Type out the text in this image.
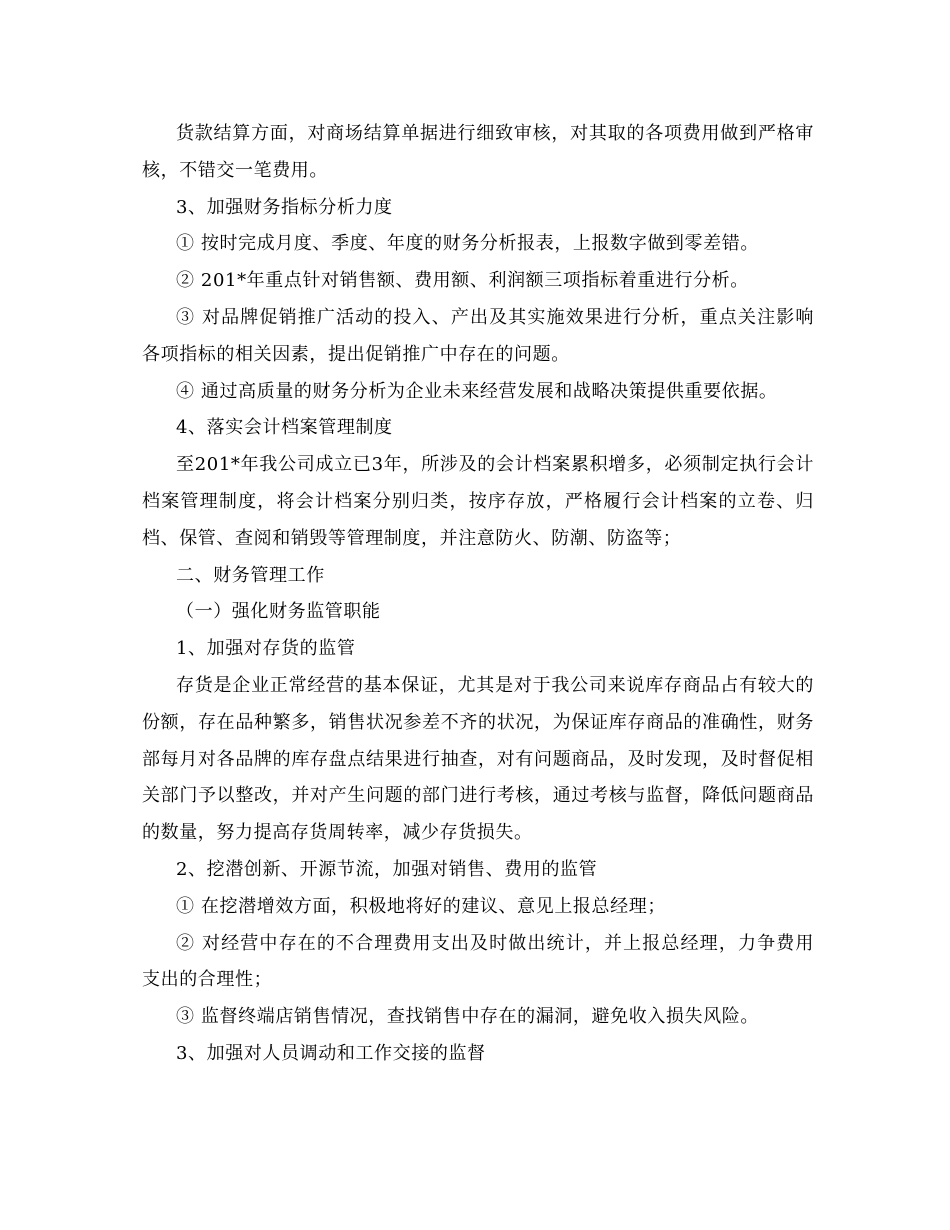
货款结算方面，对商场结算单据进行细致审核，对其取的各项费用做到严格审核，不错交一笔费用。

3、加强财务指标分析力度

① 按时完成月度、季度、年度的财务分析报表，上报数字做到零差错。

② 201*年重点针对销售额、费用额、利润额三项指标着重进行分析。

③ 对品牌促销推广活动的投入、产出及其实施效果进行分析，重点关注影响各项指标的相关因素，提出促销推广中存在的问题。

④ 通过高质量的财务分析为企业未来经营发展和战略决策提供重要依据。

4、落实会计档案管理制度

至201*年我公司成立已3年，所涉及的会计档案累积增多，必须制定执行会计档案管理制度，将会计档案分别归类，按序存放，严格履行会计档案的立卷、归档、保管、查阅和销毁等管理制度，并注意防火、防潮、防盗等；

二、财务管理工作

（一）强化财务监管职能

1、加强对存货的监管

存货是企业正常经营的基本保证，尤其是对于我公司来说库存商品占有较大的份额，存在品种繁多，销售状况参差不齐的状况，为保证库存商品的准确性，财务部每月对各品牌的库存盘点结果进行抽查，对有问题商品，及时发现，及时督促相关部门予以整改，并对产生问题的部门进行考核，通过考核与监督，降低问题商品的数量，努力提高存货周转率，减少存货损失。

2、挖潜创新、开源节流，加强对销售、费用的监管

① 在挖潜增效方面，积极地将好的建议、意见上报总经理；

② 对经营中存在的不合理费用支出及时做出统计，并上报总经理，力争费用支出的合理性；

③ 监督终端店销售情况，查找销售中存在的漏洞，避免收入损失风险。

3、加强对人员调动和工作交接的监督
